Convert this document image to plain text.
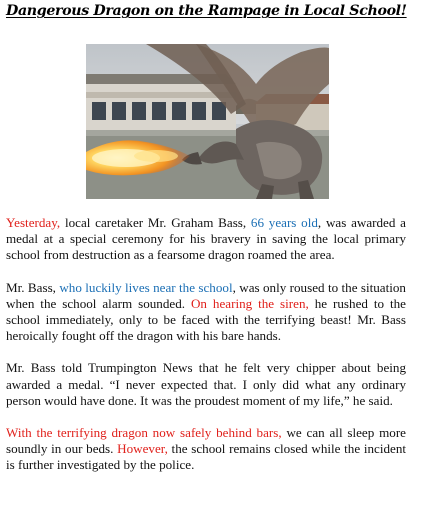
Dangerous Dragon on the Rampage in Local School!

Yesterday, local caretaker Mr. Graham Bass, 66 years old, was awarded a medal at a special ceremony for his bravery in saving the local primary school from destruction as a fearsome dragon roamed the area.

Mr. Bass, who luckily lives near the school, was only roused to the situation when the school alarm sounded. On hearing the siren, he rushed to the school immediately, only to be faced with the terrifying beast! Mr. Bass heroically fought off the dragon with his bare hands.

Mr. Bass told Trumpington News that he felt very chipper about being awarded a medal. “I never expected that. I only did what any ordinary person would have done. It was the proudest moment of my life,” he said.

With the terrifying dragon now safely behind bars, we can all sleep more soundly in our beds. However, the school remains closed while the incident is further investigated by the police.
